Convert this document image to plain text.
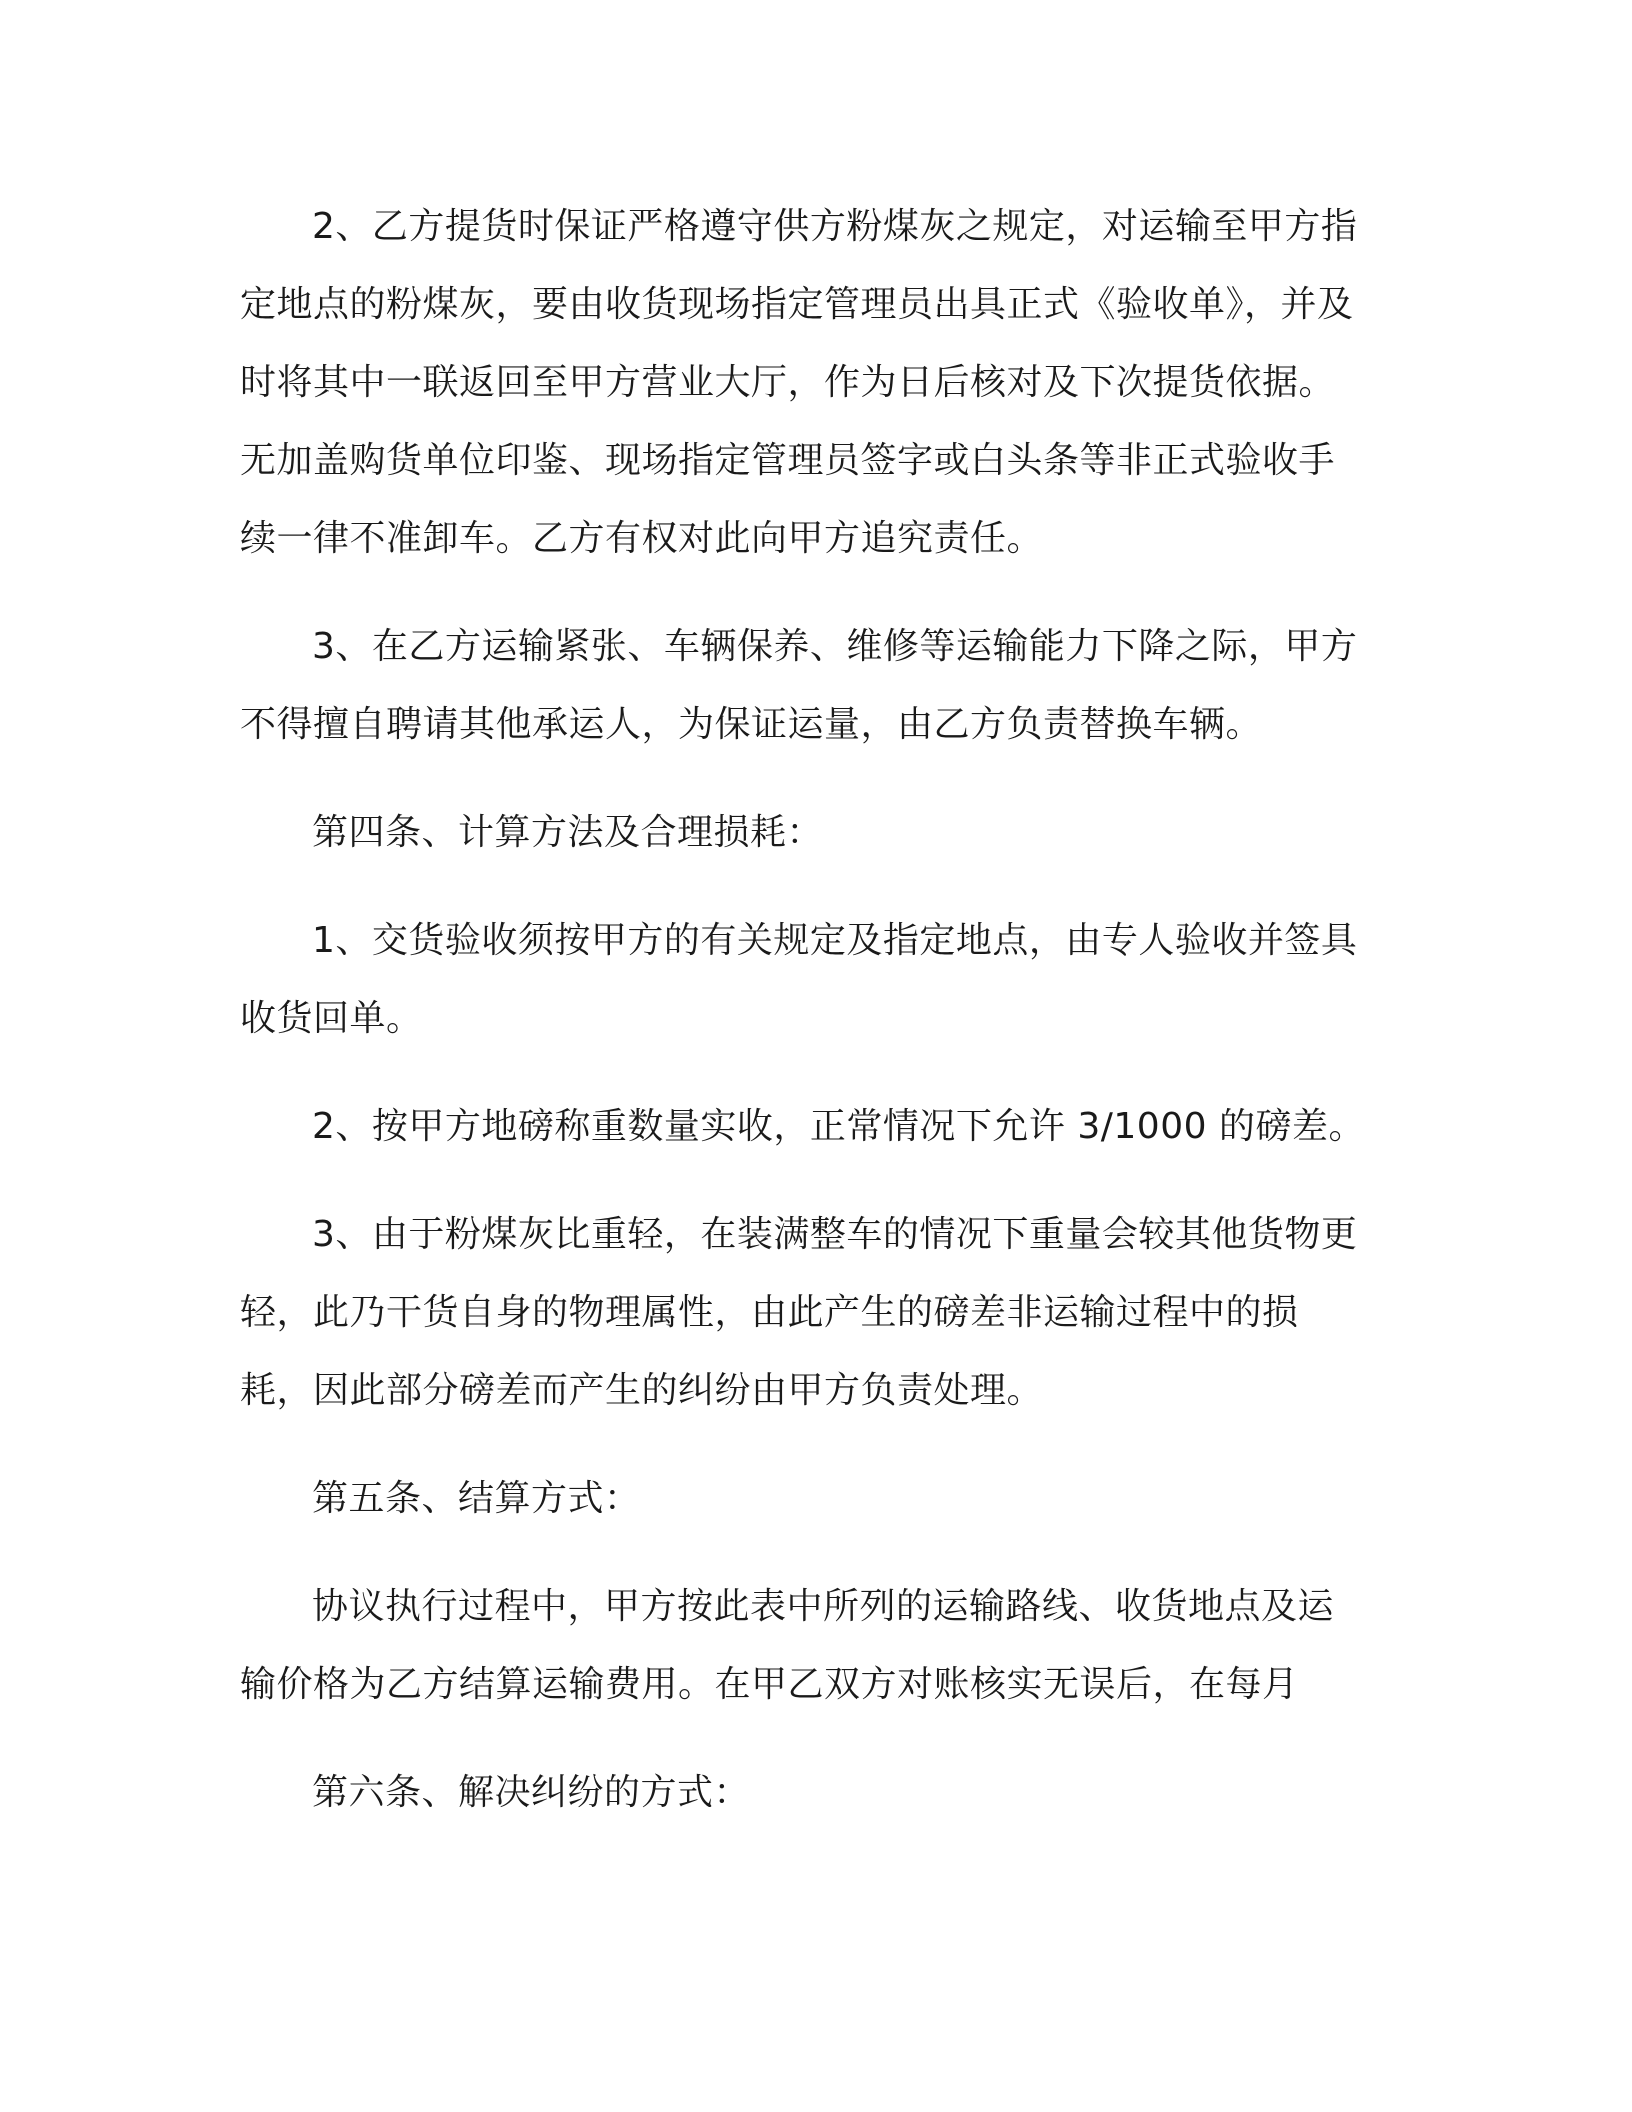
2、乙方提货时保证严格遵守供方粉煤灰之规定，对运输至甲方指定地点的粉煤灰，要由收货现场指定管理员出具正式《验收单》，并及时将其中一联返回至甲方营业大厅，作为日后核对及下次提货依据。无加盖购货单位印鉴、现场指定管理员签字或白头条等非正式验收手续一律不准卸车。乙方有权对此向甲方追究责任。

3、在乙方运输紧张、车辆保养、维修等运输能力下降之际，甲方不得擅自聘请其他承运人，为保证运量，由乙方负责替换车辆。

第四条、计算方法及合理损耗：

1、交货验收须按甲方的有关规定及指定地点，由专人验收并签具收货回单。

2、按甲方地磅称重数量实收，正常情况下允许 3/1000 的磅差。

3、由于粉煤灰比重轻，在装满整车的情况下重量会较其他货物更轻，此乃干货自身的物理属性，由此产生的磅差非运输过程中的损耗，因此部分磅差而产生的纠纷由甲方负责处理。

第五条、结算方式：

协议执行过程中，甲方按此表中所列的运输路线、收货地点及运输价格为乙方结算运输费用。在甲乙双方对账核实无误后，在每月

第六条、解决纠纷的方式：
